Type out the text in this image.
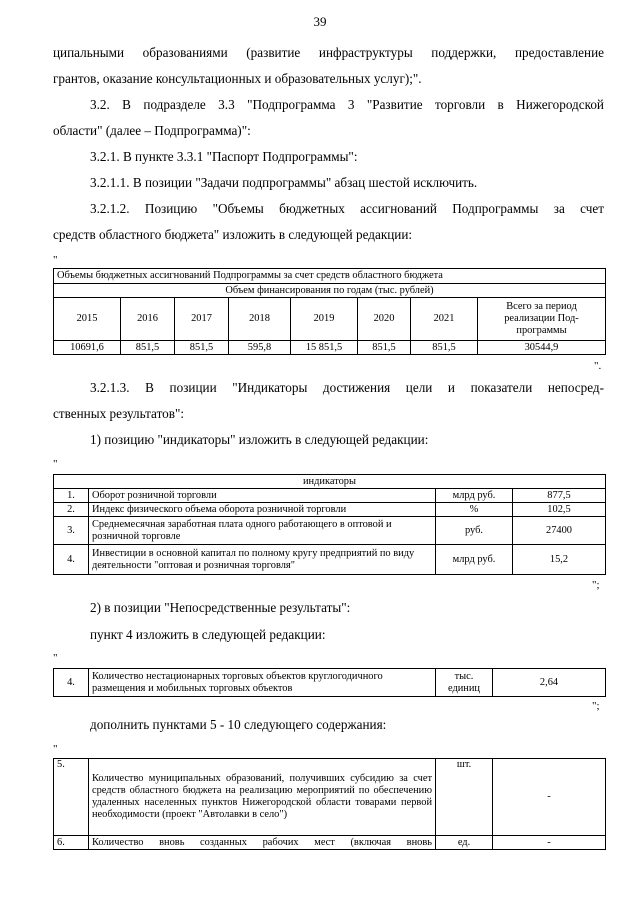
39
ципальными образованиями (развитие инфраструктуры поддержки, предоставление
грантов, оказание консультационных и образовательных услуг);".
3.2. В подразделе 3.3 "Подпрограмма 3 "Развитие торговли в Нижегородской
области" (далее – Подпрограмма)":
3.2.1. В пункте 3.3.1 "Паспорт Подпрограммы":
3.2.1.1. В позиции "Задачи подпрограммы" абзац шестой исключить.
3.2.1.2. Позицию "Объемы бюджетных ассигнований Подпрограммы за счет
средств областного бюджета" изложить в следующей редакции:
"
Объемы бюджетных ассигнований Подпрограммы за счет средств областного бюджета							
Объем финансирования по годам (тыс. рублей)							
2015	2016	2017	2018	2019	2020	2021	Всего за период реализации Под-программы
10691,6	851,5	851,5	595,8	15 851,5	851,5	851,5	30544,9
".
3.2.1.3. В позиции "Индикаторы достижения цели и показатели непосред-
ственных результатов":
1) позицию "индикаторы" изложить в следующей редакции:
"
индикаторы			
1.	Оборот розничной торговли	млрд руб.	877,5
2.	Индекс физического объема оборота розничной торговли	%	102,5
3.	Среднемесячная заработная плата одного работающего в оптовой и розничной торговле	руб.	27400
4.	Инвестиции в основной капитал по полному кругу предприятий по виду деятельности "оптовая и розничная торговля"	млрд руб.	15,2
";
2) в позиции "Непосредственные результаты":
пункт 4 изложить в следующей редакции:
"
4.	Количество нестационарных торговых объектов круглогодичного размещения и мобильных торговых объектов	тыс. единиц	2,64
";
дополнить пунктами 5 - 10 следующего содержания:
"
5.	Количество муниципальных образований, получивших субсидию за счет средств областного бюджета на реализацию мероприятий по обеспечению удаленных населенных пунктов Нижегородской области товарами первой необходимости (проект "Автолавки в село")	шт.	-
6.	Количество вновь созданных рабочих мест (включая вновь	ед.	-
